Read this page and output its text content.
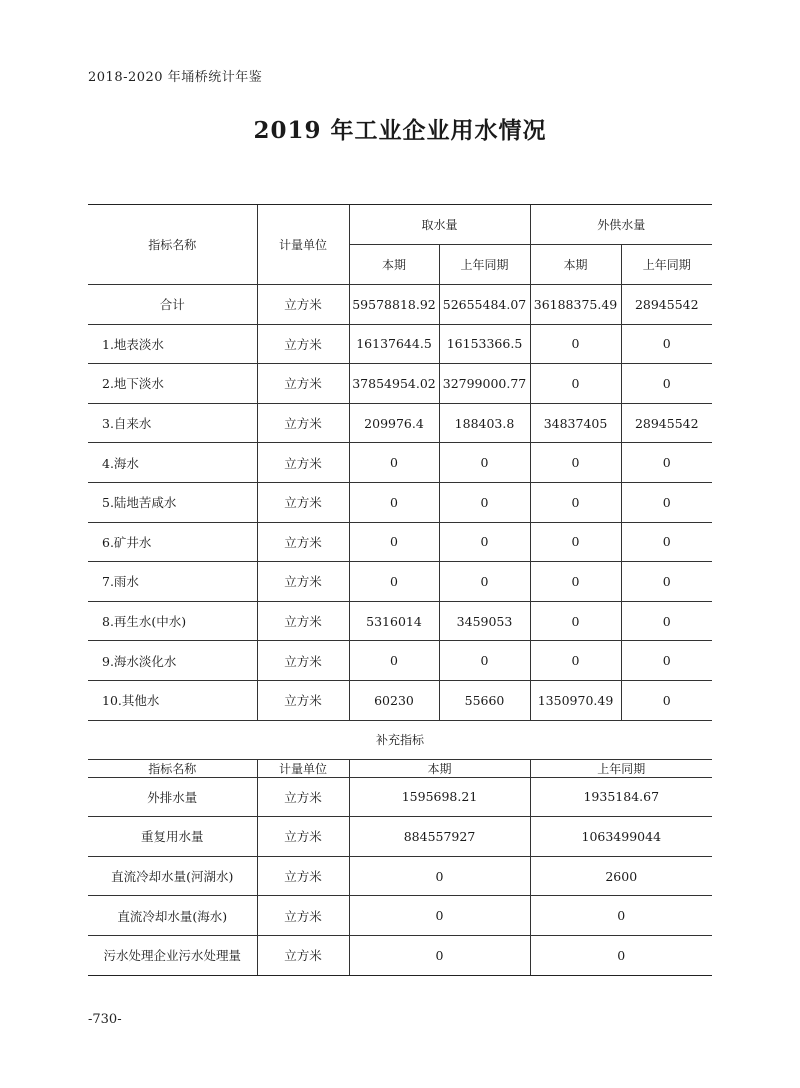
2018-2020 年埇桥统计年鉴
2019 年工业企业用水情况
指标名称	计量单位	取水量		外供水量	
		本期	上年同期	本期	上年同期
合计	立方米	59578818.92	52655484.07	36188375.49	28945542
1.地表淡水	立方米	16137644.5	16153366.5	0	0
2.地下淡水	立方米	37854954.02	32799000.77	0	0
3.自来水	立方米	209976.4	188403.8	34837405	28945542
4.海水	立方米	0	0	0	0
5.陆地苦咸水	立方米	0	0	0	0
6.矿井水	立方米	0	0	0	0
7.雨水	立方米	0	0	0	0
8.再生水(中水)	立方米	5316014	3459053	0	0
9.海水淡化水	立方米	0	0	0	0
10.其他水	立方米	60230	55660	1350970.49	0
补充指标					
指标名称	计量单位	本期		上年同期	
外排水量	立方米	1595698.21		1935184.67	
重复用水量	立方米	884557927		1063499044	
直流冷却水量(河湖水)	立方米	0		2600	
直流冷却水量(海水)	立方米	0		0	
污水处理企业污水处理量	立方米	0		0	
-730-
